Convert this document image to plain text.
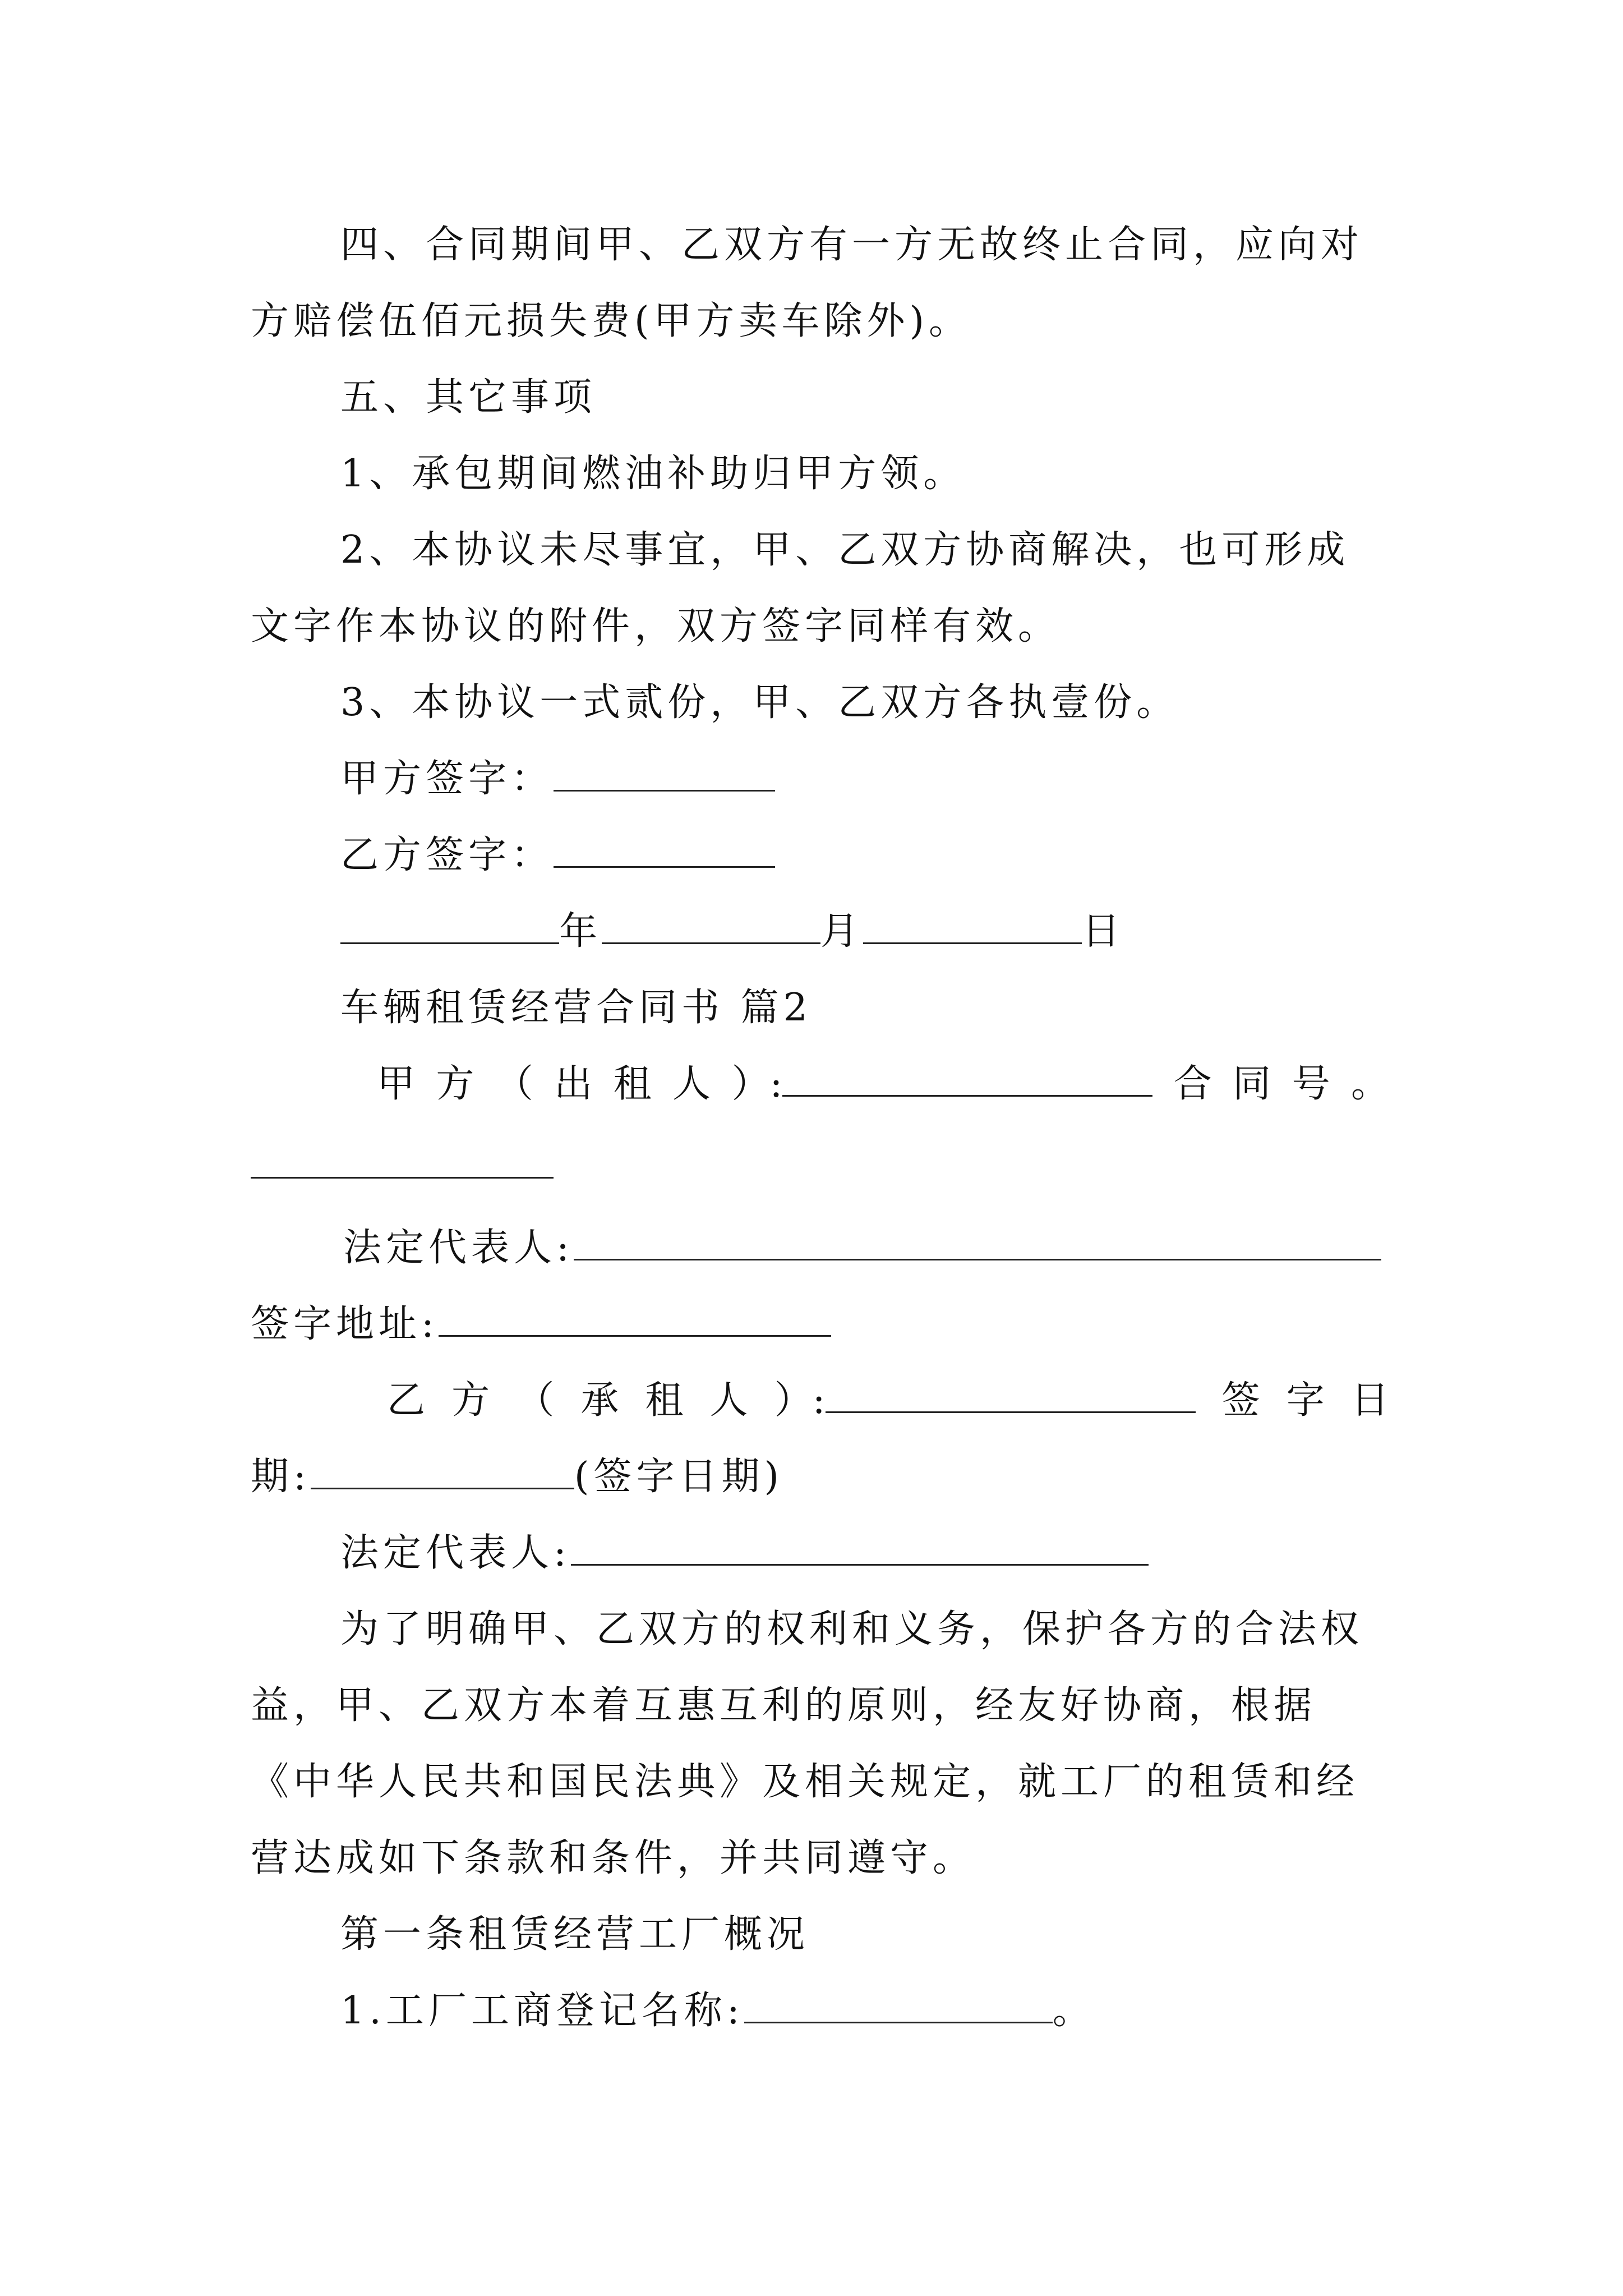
四、合同期间甲、乙双方有一方无故终止合同，应向对
方赔偿伍佰元损失费(甲方卖车除外)。
五、其它事项
1、承包期间燃油补助归甲方领。
2、本协议未尽事宜，甲、乙双方协商解决，也可形成
文字作本协议的附件，双方签字同样有效。
3、本协议一式贰份，甲、乙双方各执壹份。
甲方签字：
乙方签字：
年	月	日
车辆租赁经营合同书 篇2
甲 方 （ 出 租 人 ）:	合 同 号 。
法定代表人:
签字地址:
乙 方 （ 承 租 人 ）:	签 字 日
期:	(签字日期)
法定代表人:
为了明确甲、乙双方的权利和义务，保护各方的合法权
益，甲、乙双方本着互惠互利的原则，经友好协商，根据
《中华人民共和国民法典》及相关规定，就工厂的租赁和经
营达成如下条款和条件，并共同遵守。
第一条租赁经营工厂概况
1.工厂工商登记名称:	。
